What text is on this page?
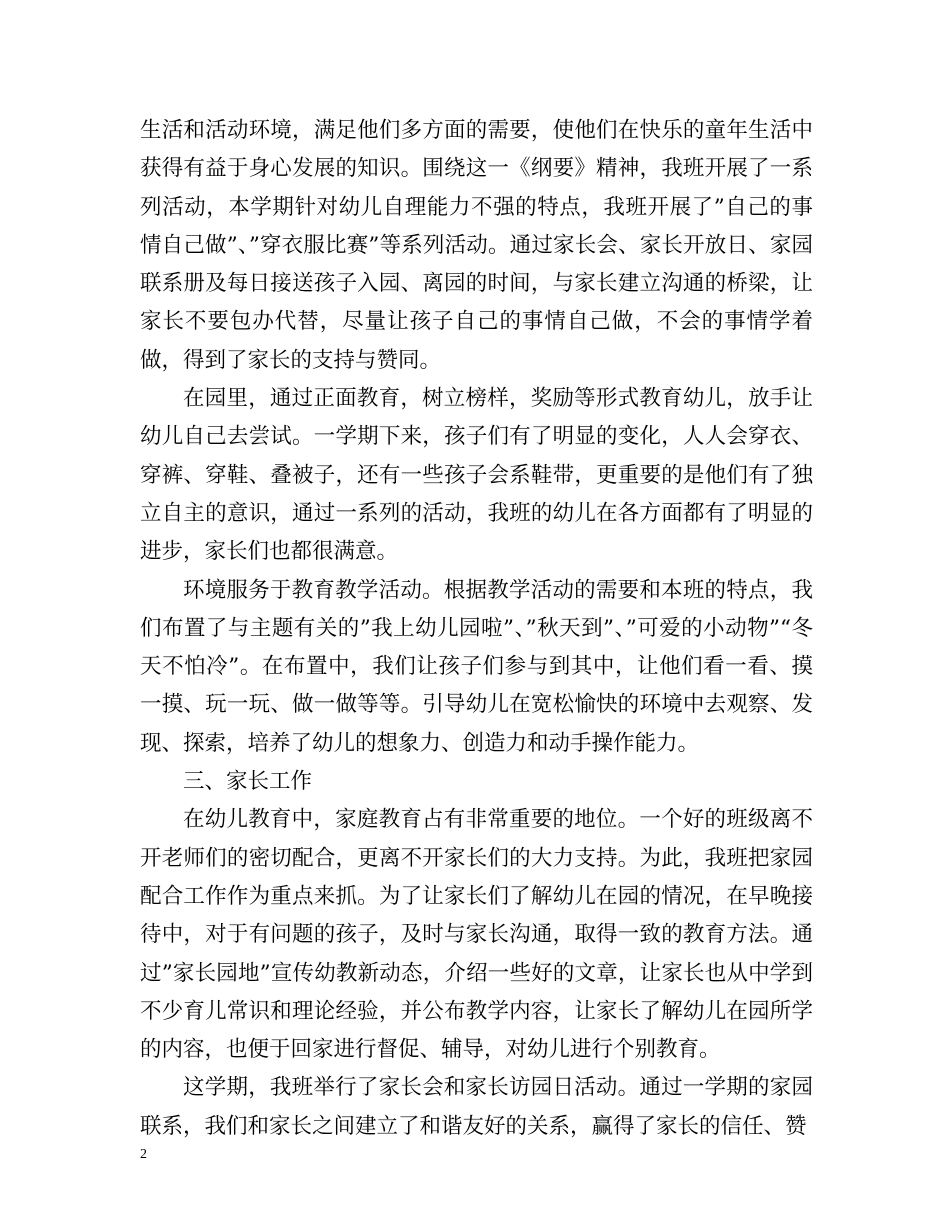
生活和活动环境，满足他们多方面的需要，使他们在快乐的童年生活中获得有益于身心发展的知识。围绕这一《纲要》精神，我班开展了一系列活动，本学期针对幼儿自理能力不强的特点，我班开展了”自己的事情自己做”、”穿衣服比赛”等系列活动。通过家长会、家长开放日、家园联系册及每日接送孩子入园、离园的时间，与家长建立沟通的桥梁，让家长不要包办代替，尽量让孩子自己的事情自己做，不会的事情学着做，得到了家长的支持与赞同。

在园里，通过正面教育，树立榜样，奖励等形式教育幼儿，放手让幼儿自己去尝试。一学期下来，孩子们有了明显的变化，人人会穿衣、穿裤、穿鞋、叠被子，还有一些孩子会系鞋带，更重要的是他们有了独立自主的意识，通过一系列的活动，我班的幼儿在各方面都有了明显的进步，家长们也都很满意。

环境服务于教育教学活动。根据教学活动的需要和本班的特点，我们布置了与主题有关的”我上幼儿园啦”、”秋天到”、”可爱的小动物”“冬天不怕冷”。在布置中，我们让孩子们参与到其中，让他们看一看、摸一摸、玩一玩、做一做等等。引导幼儿在宽松愉快的环境中去观察、发现、探索，培养了幼儿的想象力、创造力和动手操作能力。

三、家长工作

在幼儿教育中，家庭教育占有非常重要的地位。一个好的班级离不开老师们的密切配合，更离不开家长们的大力支持。为此，我班把家园配合工作作为重点来抓。为了让家长们了解幼儿在园的情况，在早晚接待中，对于有问题的孩子，及时与家长沟通，取得一致的教育方法。通过”家长园地”宣传幼教新动态，介绍一些好的文章，让家长也从中学到不少育儿常识和理论经验，并公布教学内容，让家长了解幼儿在园所学的内容，也便于回家进行督促、辅导，对幼儿进行个别教育。

这学期，我班举行了家长会和家长访园日活动。通过一学期的家园联系，我们和家长之间建立了和谐友好的关系，赢得了家长的信任、赞

2
